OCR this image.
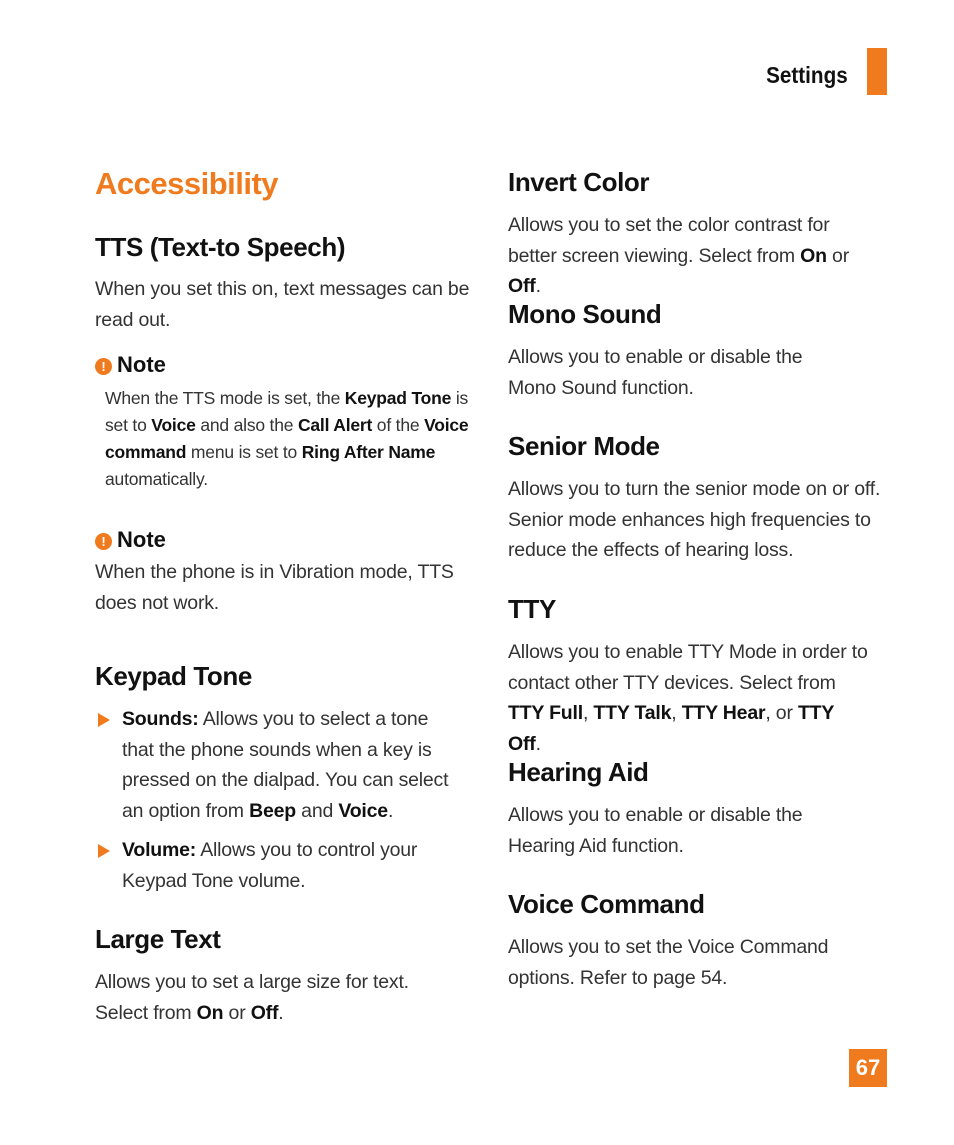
Settings
Accessibility
TTS (Text-to Speech)
When you set this on, text messages can be read out.
! Note
When the TTS mode is set, the Keypad Tone is set to Voice and also the Call Alert of the Voice command menu is set to Ring After Name automatically.
! Note
When the phone is in Vibration mode, TTS does not work.
Keypad Tone
Sounds: Allows you to select a tone that the phone sounds when a key is pressed on the dialpad. You can select an option from Beep and Voice.
Volume: Allows you to control your Keypad Tone volume.
Large Text
Allows you to set a large size for text. Select from On or Off.
Invert Color
Allows you to set the color contrast for better screen viewing. Select from On or Off.
Mono Sound
Allows you to enable or disable the Mono Sound function.
Senior Mode
Allows you to turn the senior mode on or off. Senior mode enhances high frequencies to reduce the effects of hearing loss.
TTY
Allows you to enable TTY Mode in order to contact other TTY devices. Select from TTY Full, TTY Talk, TTY Hear, or TTY Off.
Hearing Aid
Allows you to enable or disable the Hearing Aid function.
Voice Command
Allows you to set the Voice Command options. Refer to page 54.
67
